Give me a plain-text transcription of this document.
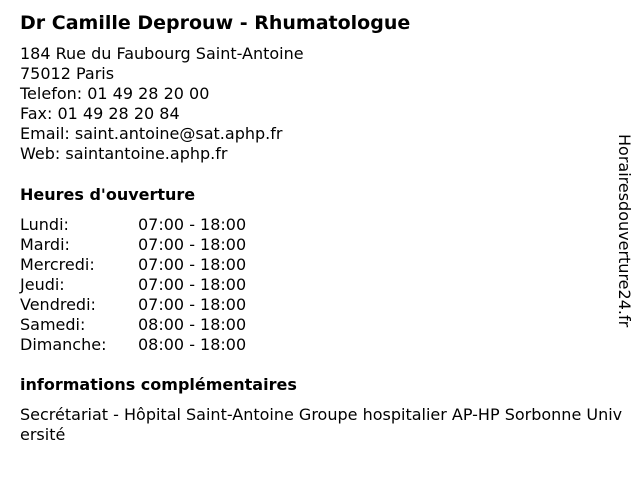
Dr Camille Deprouw - Rhumatologue
184 Rue du Faubourg Saint-Antoine
75012 Paris
Telefon: 01 49 28 20 00
Fax: 01 49 28 20 84
Email: saint.antoine@sat.aphp.fr
Web: saintantoine.aphp.fr
Heures d'ouverture
Lundi:	07:00 - 18:00
Mardi:	07:00 - 18:00
Mercredi:	07:00 - 18:00
Jeudi:	07:00 - 18:00
Vendredi:	07:00 - 18:00
Samedi:	08:00 - 18:00
Dimanche:	08:00 - 18:00
informations complémentaires
Secrétariat - Hôpital Saint-Antoine Groupe hospitalier AP-HP Sorbonne Université
Horairesdouverture24.fr
